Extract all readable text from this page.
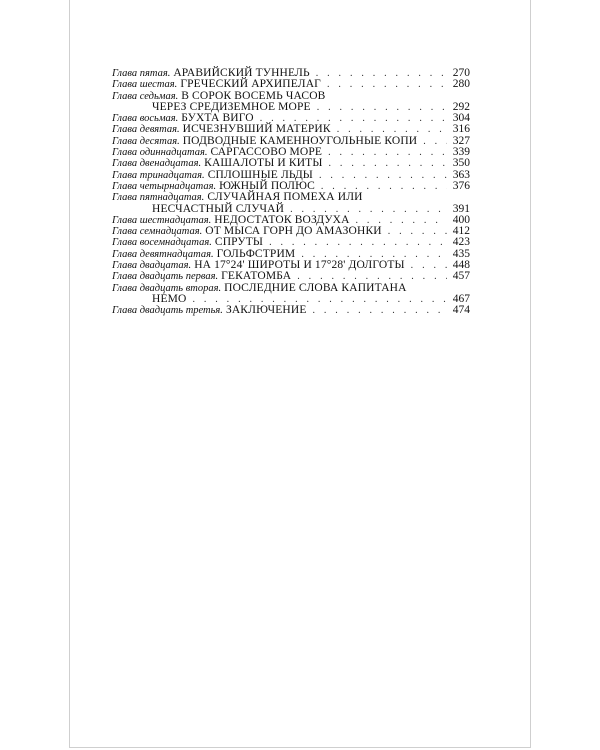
Глава пятая. АРАВИЙСКИЙ ТУННЕЛЬ . . .	270
Глава шестая. ГРЕЧЕСКИЙ АРХИПЕЛАГ . . .	280
Глава седьмая. В СОРОК ВОСЕМЬ ЧАСОВ
ЧЕРЕЗ СРЕДИЗЕМНОЕ МОРЕ . . .	292
Глава восьмая. БУХТА ВИГО . . .	304
Глава девятая. ИСЧЕЗНУВШИЙ МАТЕРИК . . .	316
Глава десятая. ПОДВОДНЫЕ КАМЕННОУГОЛЬНЫЕ КОПИ . . .	327
Глава одиннадцатая. САРГАССОВО МОРЕ . . .	339
Глава двенадцатая. КАШАЛОТЫ И КИТЫ . . .	350
Глава тринадцатая. СПЛОШНЫЕ ЛЬДЫ . . .	363
Глава четырнадцатая. ЮЖНЫЙ ПОЛЮС . . .	376
Глава пятнадцатая. СЛУЧАЙНАЯ ПОМЕХА ИЛИ
НЕСЧАСТНЫЙ СЛУЧАЙ . . .	391
Глава шестнадцатая. НЕДОСТАТОК ВОЗДУХА . . .	400
Глава семнадцатая. ОТ МЫСА ГОРН ДО АМАЗОНКИ . . .	412
Глава восемнадцатая. СПРУТЫ . . .	423
Глава девятнадцатая. ГОЛЬФСТРИМ . . .	435
Глава двадцатая. НА 17°24' ШИРОТЫ И 17°28' ДОЛГОТЫ . . .	448
Глава двадцать первая. ГЕКАТОМБА . . .	457
Глава двадцать вторая. ПОСЛЕДНИЕ СЛОВА КАПИТАНА
НЕМО . . .	467
Глава двадцать третья. ЗАКЛЮЧЕНИЕ . . .	474
